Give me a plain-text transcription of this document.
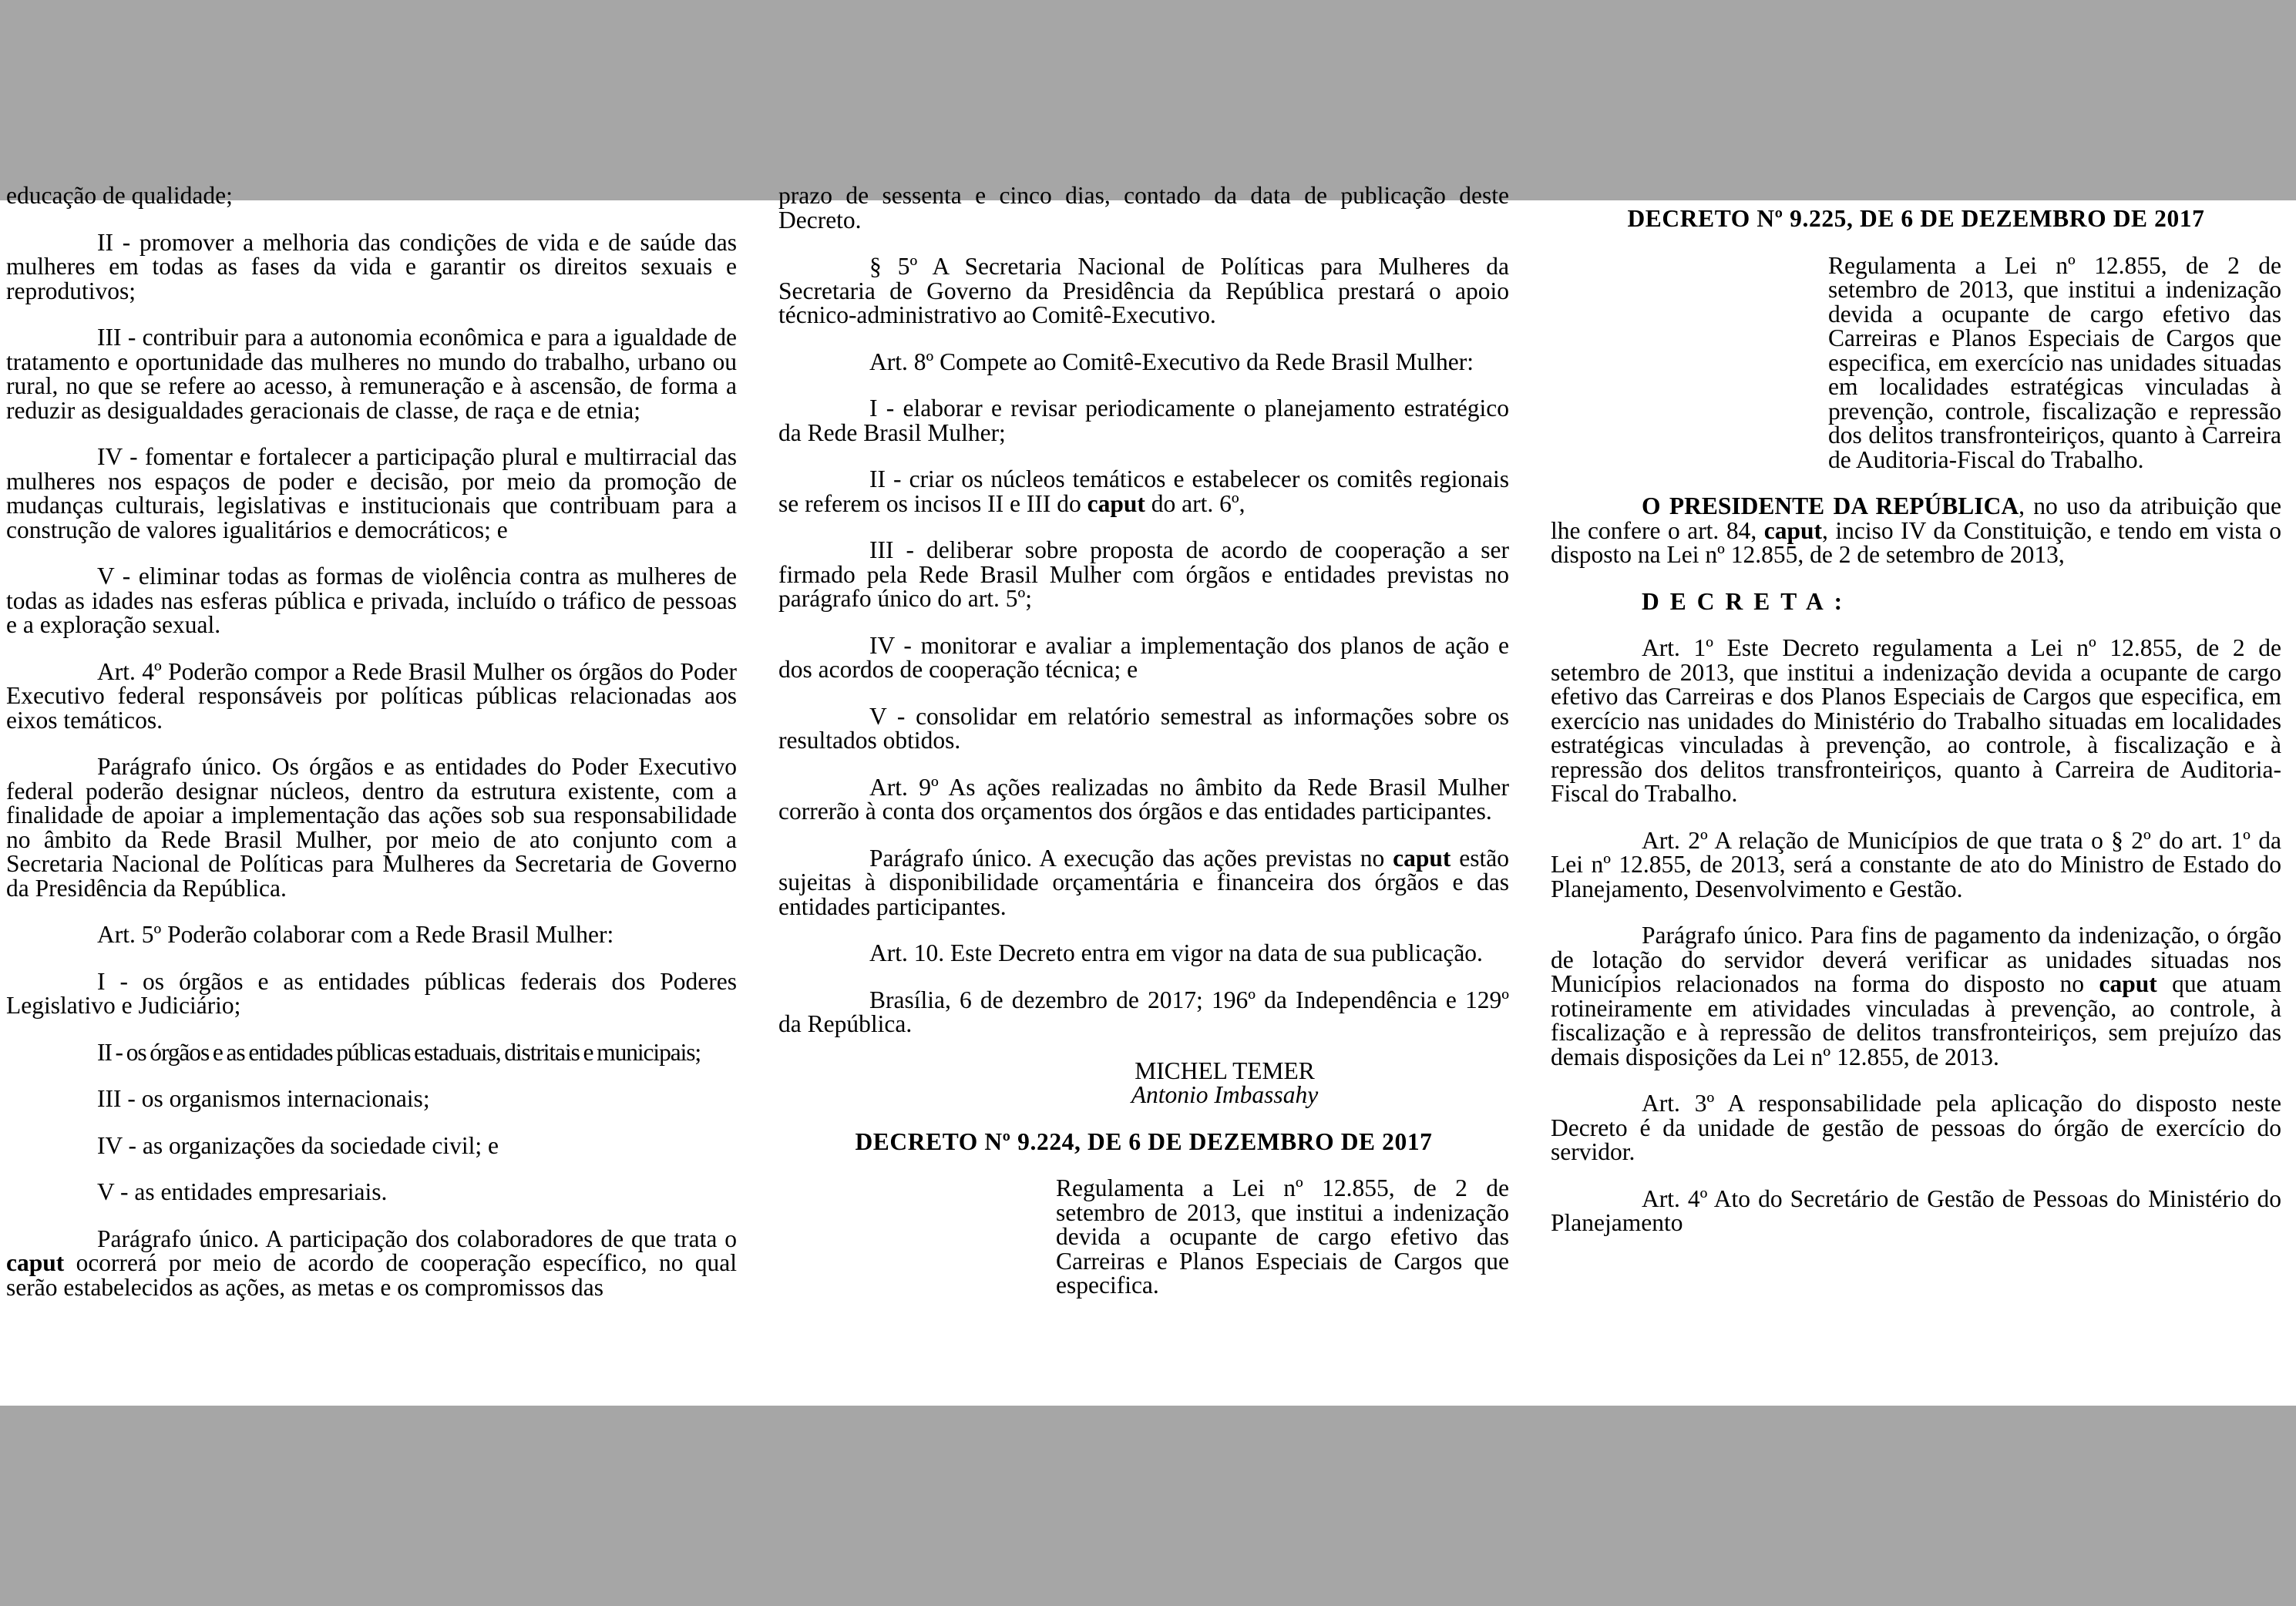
educação de qualidade;

II - promover a melhoria das condições de vida e de saúde das mulheres em todas as fases da vida e garantir os direitos sexuais e reprodutivos;

III - contribuir para a autonomia econômica e para a igualdade de tratamento e oportunidade das mulheres no mundo do trabalho, urbano ou rural, no que se refere ao acesso, à remuneração e à ascensão, de forma a reduzir as desigualdades geracionais de classe, de raça e de etnia;

IV - fomentar e fortalecer a participação plural e multirracial das mulheres nos espaços de poder e decisão, por meio da promoção de mudanças culturais, legislativas e institucionais que contribuam para a construção de valores igualitários e democráticos; e

V - eliminar todas as formas de violência contra as mulheres de todas as idades nas esferas pública e privada, incluído o tráfico de pessoas e a exploração sexual.

Art. 4º Poderão compor a Rede Brasil Mulher os órgãos do Poder Executivo federal responsáveis por políticas públicas relacionadas aos eixos temáticos.

Parágrafo único. Os órgãos e as entidades do Poder Executivo federal poderão designar núcleos, dentro da estrutura existente, com a finalidade de apoiar a implementação das ações sob sua responsabilidade no âmbito da Rede Brasil Mulher, por meio de ato conjunto com a Secretaria Nacional de Políticas para Mulheres da Secretaria de Governo da Presidência da República.

Art. 5º Poderão colaborar com a Rede Brasil Mulher:

I - os órgãos e as entidades públicas federais dos Poderes Legislativo e Judiciário;

II - os órgãos e as entidades públicas estaduais, distritais e municipais;

III - os organismos internacionais;

IV - as organizações da sociedade civil; e

V - as entidades empresariais.

Parágrafo único. A participação dos colaboradores de que trata o caput ocorrerá por meio de acordo de cooperação específico, no qual serão estabelecidos as ações, as metas e os compromissos das

prazo de sessenta e cinco dias, contado da data de publicação deste Decreto.

§ 5º A Secretaria Nacional de Políticas para Mulheres da Secretaria de Governo da Presidência da República prestará o apoio técnico-administrativo ao Comitê-Executivo.

Art. 8º Compete ao Comitê-Executivo da Rede Brasil Mulher:

I - elaborar e revisar periodicamente o planejamento estratégico da Rede Brasil Mulher;

II - criar os núcleos temáticos e estabelecer os comitês regionais se referem os incisos II e III do caput do art. 6º,

III - deliberar sobre proposta de acordo de cooperação a ser firmado pela Rede Brasil Mulher com órgãos e entidades previstas no parágrafo único do art. 5º;

IV - monitorar e avaliar a implementação dos planos de ação e dos acordos de cooperação técnica; e

V - consolidar em relatório semestral as informações sobre os resultados obtidos.

Art. 9º As ações realizadas no âmbito da Rede Brasil Mulher correrão à conta dos orçamentos dos órgãos e das entidades participantes.

Parágrafo único. A execução das ações previstas no caput estão sujeitas à disponibilidade orçamentária e financeira dos órgãos e das entidades participantes.

Art. 10. Este Decreto entra em vigor na data de sua publicação.

Brasília, 6 de dezembro de 2017; 196º da Independência e 129º da República.

MICHEL TEMER
Antonio Imbassahy
DECRETO Nº 9.224, DE 6 DE DEZEMBRO DE 2017

Regulamenta a Lei nº 12.855, de 2 de setembro de 2013, que institui a indenização devida a ocupante de cargo efetivo das Carreiras e Planos Especiais de Cargos que especifica.

DECRETO Nº 9.225, DE 6 DE DEZEMBRO DE 2017

Regulamenta a Lei nº 12.855, de 2 de setembro de 2013, que institui a indenização devida a ocupante de cargo efetivo das Carreiras e Planos Especiais de Cargos que especifica, em exercício nas unidades situadas em localidades estratégicas vinculadas à prevenção, controle, fiscalização e repressão dos delitos transfronteiriços, quanto à Carreira de Auditoria-Fiscal do Trabalho.

O PRESIDENTE DA REPÚBLICA, no uso da atribuição que lhe confere o art. 84, caput, inciso IV da Constituição, e tendo em vista o disposto na Lei nº 12.855, de 2 de setembro de 2013,

DECRETA:

Art. 1º Este Decreto regulamenta a Lei nº 12.855, de 2 de setembro de 2013, que institui a indenização devida a ocupante de cargo efetivo das Carreiras e dos Planos Especiais de Cargos que especifica, em exercício nas unidades do Ministério do Trabalho situadas em localidades estratégicas vinculadas à prevenção, ao controle, à fiscalização e à repressão dos delitos transfronteiriços, quanto à Carreira de Auditoria-Fiscal do Trabalho.

Art. 2º A relação de Municípios de que trata o § 2º do art. 1º da Lei nº 12.855, de 2013, será a constante de ato do Ministro de Estado do Planejamento, Desenvolvimento e Gestão.

Parágrafo único. Para fins de pagamento da indenização, o órgão de lotação do servidor deverá verificar as unidades situadas nos Municípios relacionados na forma do disposto no caput que atuam rotineiramente em atividades vinculadas à prevenção, ao controle, à fiscalização e à repressão de delitos transfronteiriços, sem prejuízo das demais disposições da Lei nº 12.855, de 2013.

Art. 3º A responsabilidade pela aplicação do disposto neste Decreto é da unidade de gestão de pessoas do órgão de exercício do servidor.

Art. 4º Ato do Secretário de Gestão de Pessoas do Ministério do Planejamento
